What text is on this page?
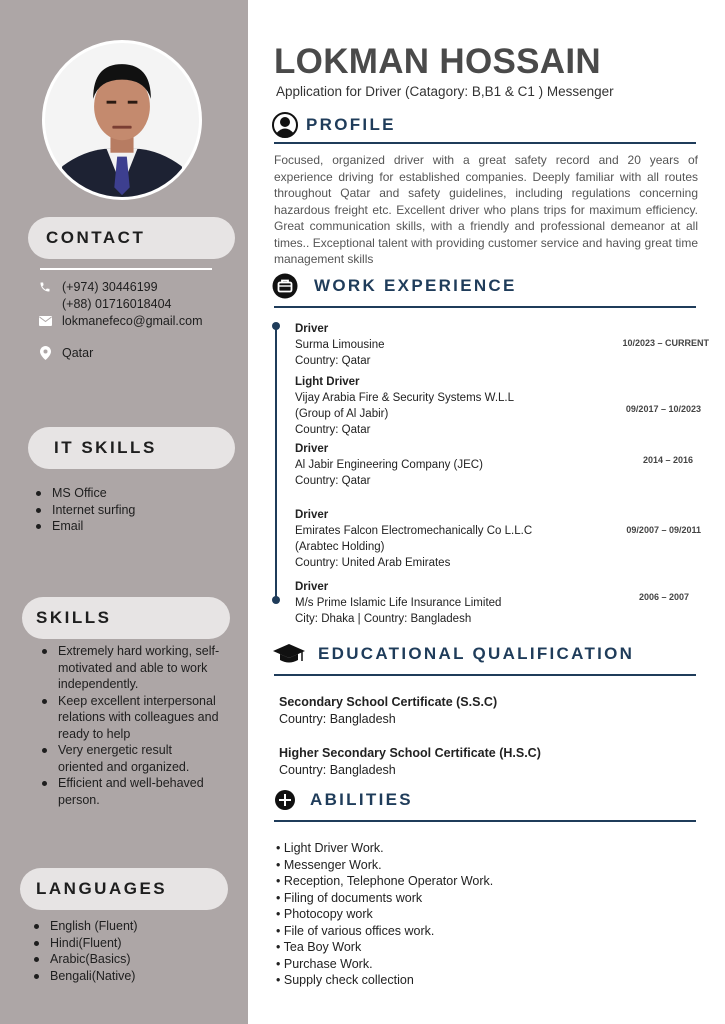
CONTACT
(+974) 30446199
(+88) 01716018404
lokmanefeco@gmail.com
Qatar
IT SKILLS
MS Office
Internet surfing
Email
SKILLS
Extremely hard working, self-motivated and able to work independently.
Keep excellent interpersonal relations with colleagues and ready to help
Very energetic result oriented and organized.
Efficient and well-behaved person.
LANGUAGES
English (Fluent)
Hindi(Fluent)
Arabic(Basics)
Bengali(Native)
LOKMAN HOSSAIN
Application for Driver (Catagory: B,B1 & C1 ) Messenger
PROFILE
Focused, organized driver with a great safety record and 20 years of experience driving for established companies. Deeply familiar with all routes throughout Qatar and safety guidelines, including regulations concerning hazardous freight etc. Excellent driver who plans trips for maximum efficiency. Great communication skills, with a friendly and professional demeanor at all times.. Exceptional talent with providing customer service and having great time management skills
WORK EXPERIENCE
Driver
Surma Limousine
Country: Qatar
10/2023 – CURRENT
Light Driver
Vijay Arabia Fire & Security Systems W.L.L
(Group of Al Jabir)
Country: Qatar
09/2017 – 10/2023
Driver
Al Jabir Engineering Company (JEC)
Country: Qatar
2014 – 2016
Driver
Emirates Falcon Electromechanically Co L.L.C
(Arabtec Holding)
Country: United Arab Emirates
09/2007 – 09/2011
Driver
M/s Prime Islamic Life Insurance Limited
City: Dhaka | Country: Bangladesh
2006 – 2007
EDUCATIONAL QUALIFICATION
Secondary School Certificate (S.S.C)
Country: Bangladesh
Higher Secondary School Certificate (H.S.C)
Country: Bangladesh
ABILITIES
• Light Driver Work.
• Messenger Work.
• Reception, Telephone Operator Work.
• Filing of documents work
• Photocopy work
• File of various offices work.
• Tea Boy Work
• Purchase Work.
• Supply check collection
